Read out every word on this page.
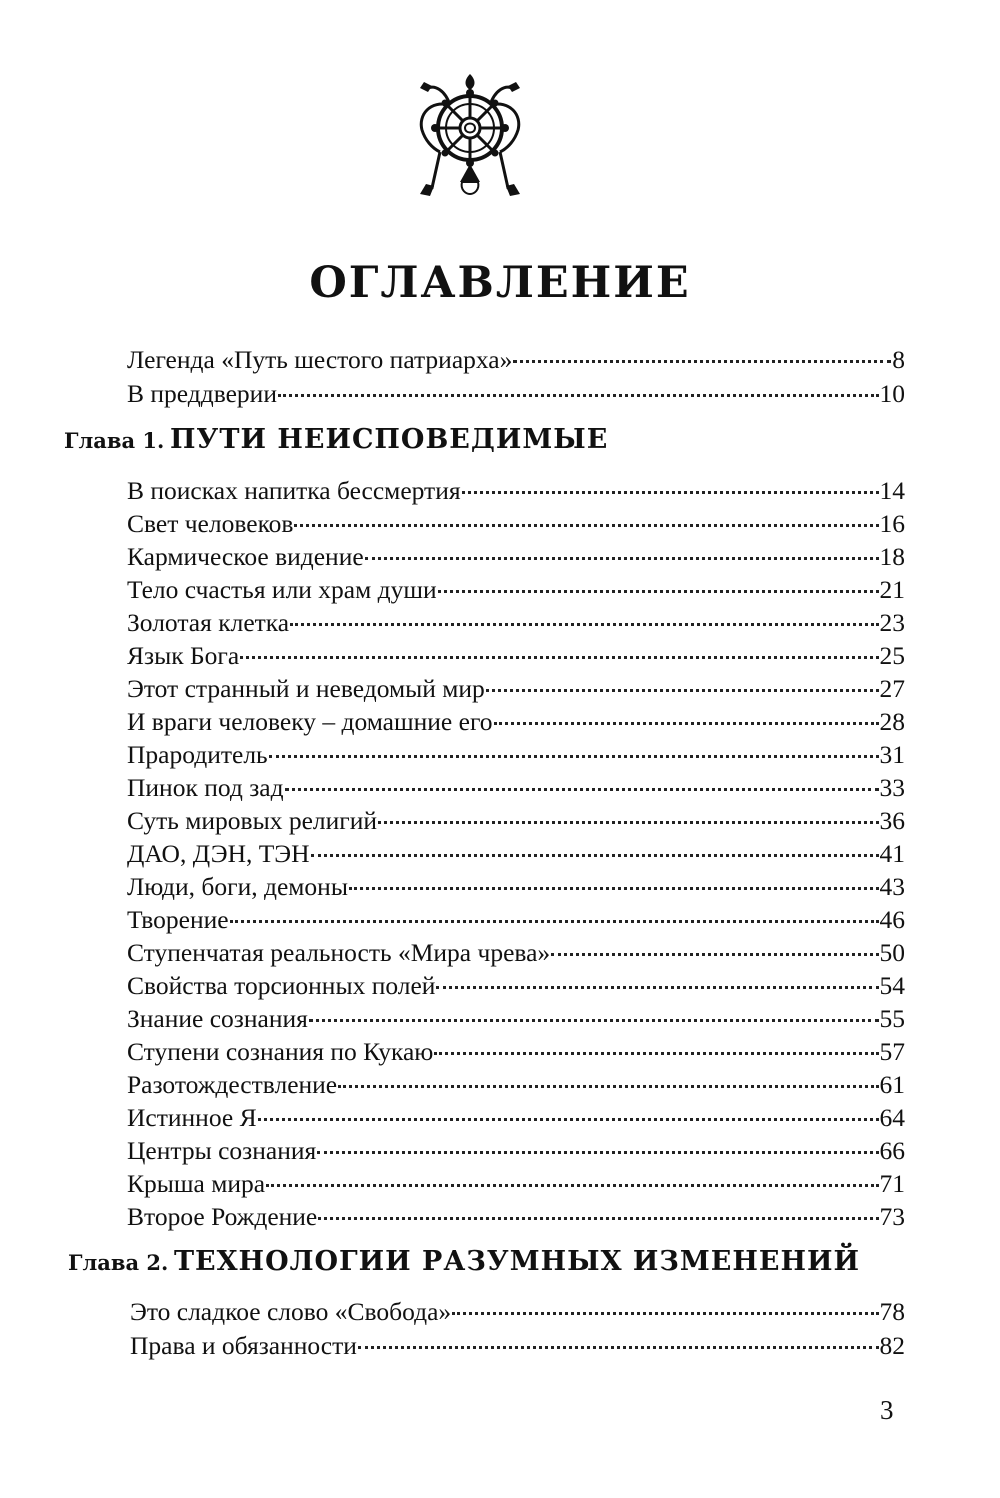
ОГЛАВЛЕНИЕ
Легенда «Путь шестого патриарха»	8
В преддверии	10
Глава 1. ПУТИ НЕИСПОВЕДИМЫЕ
В поисках напитка бессмертия	14
Свет человеков	16
Кармическое видение	18
Тело счастья или храм души	21
Золотая клетка	23
Язык Бога	25
Этот странный и неведомый мир	27
И враги человеку – домашние его	28
Прародитель	31
Пинок под зад	33
Суть мировых религий	36
ДАО, ДЭН, ТЭН	41
Люди, боги, демоны	43
Творение	46
Ступенчатая реальность «Мира чрева»	50
Свойства торсионных полей	54
Знание сознания	55
Ступени сознания по Кукаю	57
Разотождествление	61
Истинное Я	64
Центры сознания	66
Крыша мира	71
Второе Рождение	73
Глава 2. ТЕХНОЛОГИИ РАЗУМНЫХ ИЗМЕНЕНИЙ
Это сладкое слово «Свобода»	78
Права и обязанности	82
3
